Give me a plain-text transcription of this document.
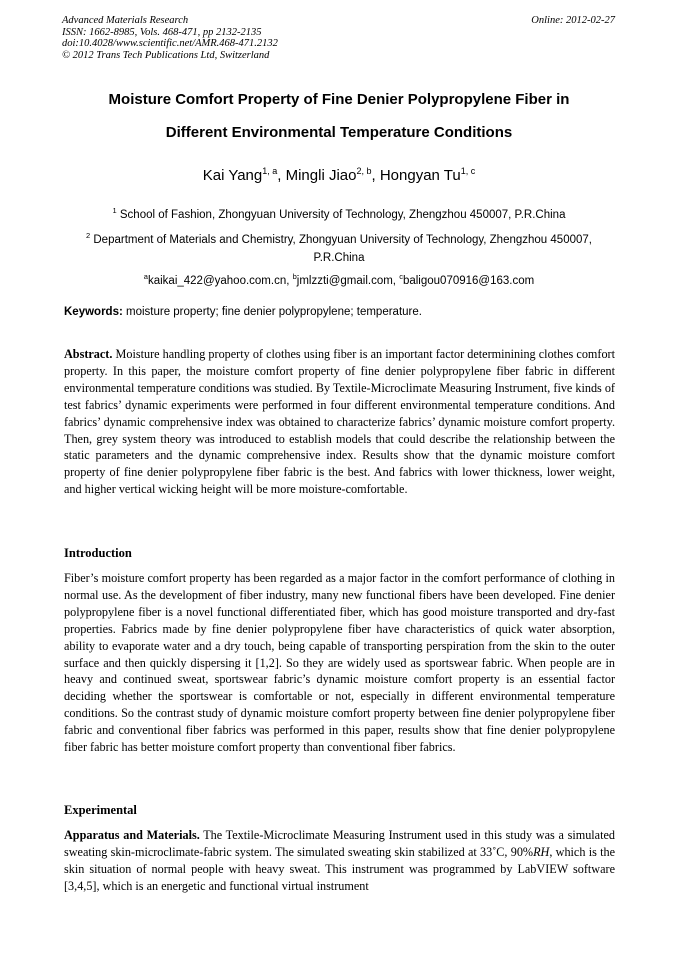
Advanced Materials Research
ISSN: 1662-8985, Vols. 468-471, pp 2132-2135
doi:10.4028/www.scientific.net/AMR.468-471.2132
© 2012 Trans Tech Publications Ltd, Switzerland
Online: 2012-02-27
Moisture Comfort Property of Fine Denier Polypropylene Fiber in
Different Environmental Temperature Conditions
Kai Yang$^{1, a}$, Mingli Jiao$^{2, b}$, Hongyan Tu$^{1, c}$
$^1$ School of Fashion, Zhongyuan University of Technology, Zhengzhou 450007, P.R.China
$^2$ Department of Materials and Chemistry, Zhongyuan University of Technology, Zhengzhou 450007, P.R.China
$^a$kaikai_422@yahoo.com.cn, $^b$jmlzzti@gmail.com, $^c$baligou070916@163.com
Keywords: moisture property; fine denier polypropylene; temperature.

Abstract. Moisture handling property of clothes using fiber is an important factor determinining clothes comfort property. In this paper, the moisture comfort property of fine denier polypropylene fiber fabric in different environmental temperature conditions was studied. By Textile-Microclimate Measuring Instrument, five kinds of test fabrics’ dynamic experiments were performed in four different environmental temperature conditions. And fabrics’ dynamic comprehensive index was obtained to characterize fabrics’ dynamic moisture comfort property. Then, grey system theory was introduced to establish models that could describe the relationship between the static parameters and the dynamic comprehensive index. Results show that the dynamic moisture comfort property of fine denier polypropylene fiber fabric is the best. And fabrics with lower thickness, lower weight, and higher vertical wicking height will be more moisture-comfortable.

Introduction

Fiber’s moisture comfort property has been regarded as a major factor in the comfort performance of clothing in normal use. As the development of fiber industry, many new functional fibers have been developed. Fine denier polypropylene fiber is a novel functional differentiated fiber, which has good moisture transported and dry-fast properties. Fabrics made by fine denier polypropylene fiber have characteristics of quick water absorption, ability to evaporate water and a dry touch, being capable of transporting perspiration from the skin to the outer surface and then quickly dispersing it [1,2]. So they are widely used as sportswear fabric. When people are in heavy and continued sweat, sportswear fabric’s dynamic moisture comfort property is an essential factor deciding whether the sportswear is comfortable or not, especially in different environmental temperature conditions. So the contrast study of dynamic moisture comfort property between fine denier polypropylene fiber fabric and conventional fiber fabrics was performed in this paper, results show that fine denier polypropylene fiber fabric has better moisture comfort property than conventional fiber fabrics.

Experimental

Apparatus and Materials. The Textile-Microclimate Measuring Instrument used in this study was a simulated sweating skin-microclimate-fabric system. The simulated sweating skin stabilized at 33˚C, 90%RH, which is the skin situation of normal people with heavy sweat. This instrument was programmed by LabVIEW software [3,4,5], which is an energetic and functional virtual instrument
